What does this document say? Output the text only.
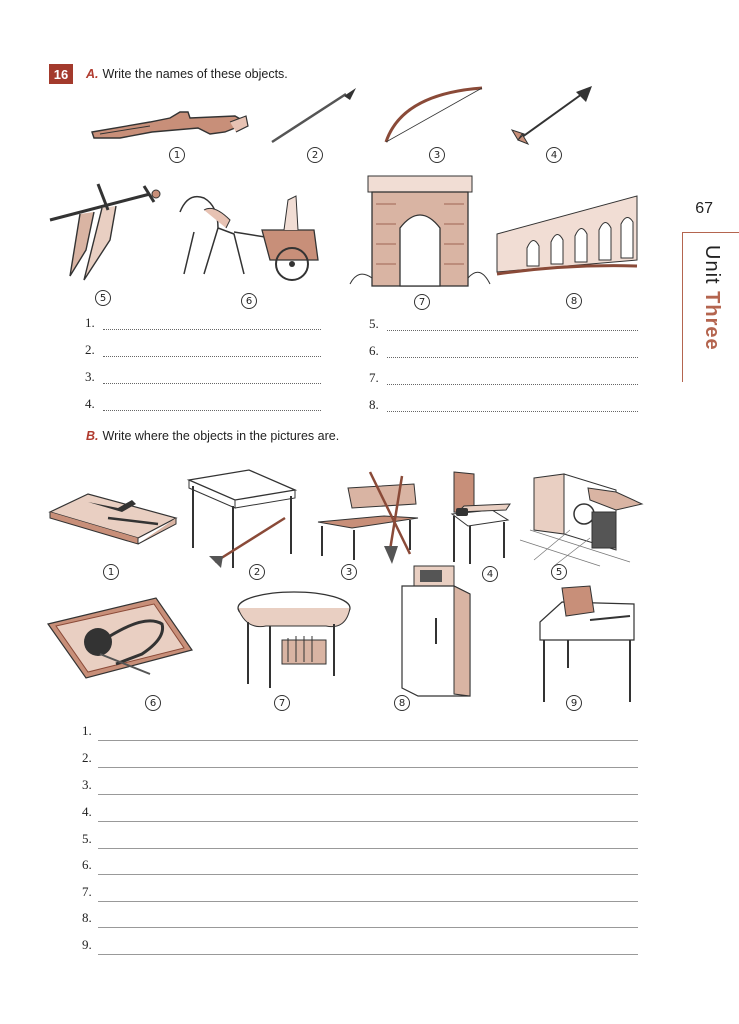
67
Unit Three
16	A. Write the names of these objects.
1	2	3	4
5	6	7	8
1.
2.
3.
4.
5.
6.
7.
8.
B. Write where the objects in the pictures are.
1	2	3	4	5
6	7	8	9
1.
2.
3.
4.
5.
6.
7.
8.
9.
